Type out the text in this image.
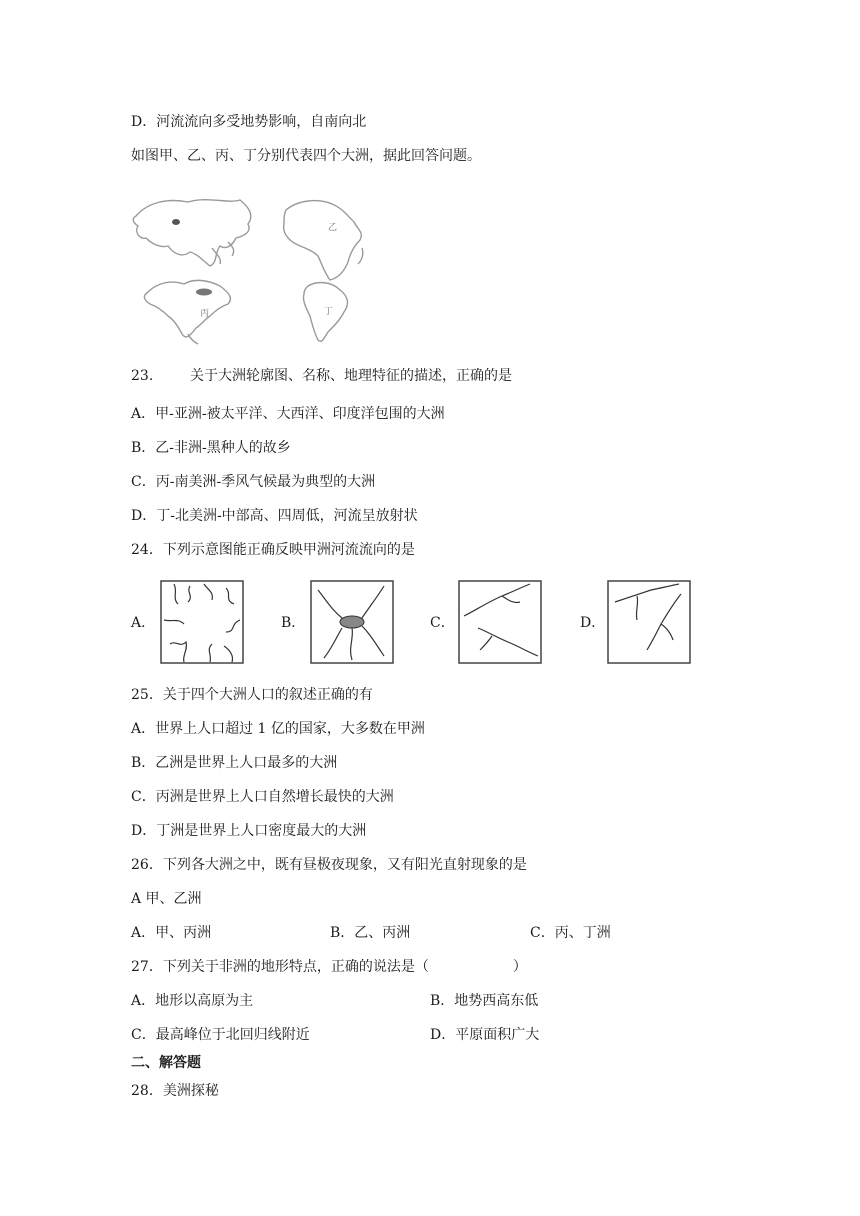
D．河流流向多受地势影响，自南向北
如图甲、乙、丙、丁分别代表四个大洲，据此回答问题。
乙
丙	丁
23.	关于大洲轮廓图、名称、地理特征的描述，正确的是
A．甲-亚洲-被太平洋、大西洋、印度洋包围的大洲
B．乙-非洲-黑种人的故乡
C．丙-南美洲-季风气候最为典型的大洲
D．丁-北美洲-中部高、四周低，河流呈放射状
24．下列示意图能正确反映甲洲河流流向的是
A．	B．	C．	D．
25．关于四个大洲人口的叙述正确的有
A．世界上人口超过 1 亿的国家，大多数在甲洲
B．乙洲是世界上人口最多的大洲
C．丙洲是世界上人口自然增长最快的大洲
D．丁洲是世界上人口密度最大的大洲
26．下列各大洲之中，既有昼极夜现象，又有阳光直射现象的是
A 甲、乙洲
A．甲、丙洲	B．乙、丙洲	C．丙、丁洲
27．下列关于非洲的地形特点，正确的说法是（　　　　　　）
A．地形以高原为主	B．地势西高东低
C．最高峰位于北回归线附近	D．平原面积广大
二、解答题
28．美洲探秘
